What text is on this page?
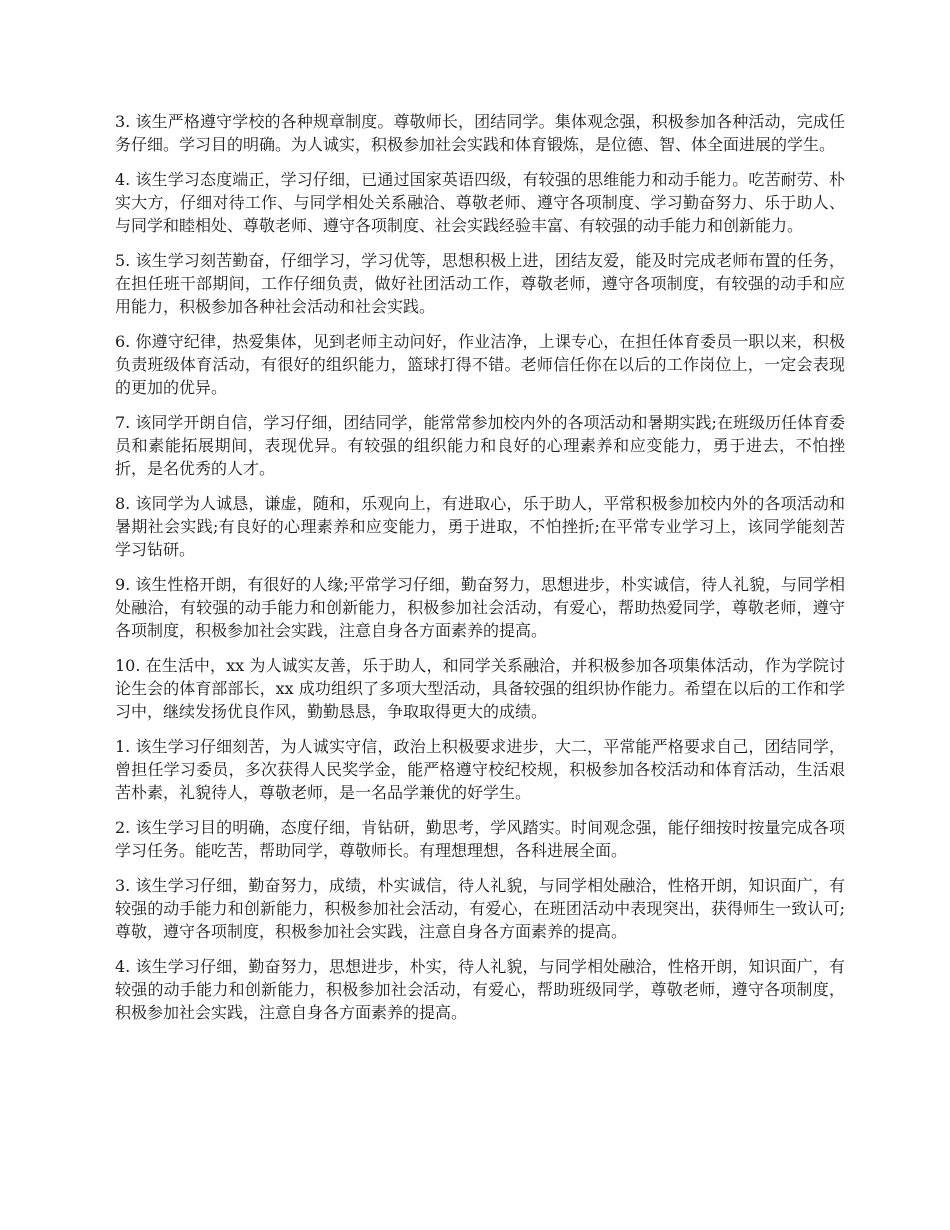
3. 该生严格遵守学校的各种规章制度。尊敬师长，团结同学。集体观念强，积极参加各种活动，完成任务仔细。学习目的明确。为人诚实，积极参加社会实践和体育锻炼，是位德、智、体全面进展的学生。

4. 该生学习态度端正，学习仔细，已通过国家英语四级，有较强的思维能力和动手能力。吃苦耐劳、朴实大方，仔细对待工作、与同学相处关系融洽、尊敬老师、遵守各项制度、学习勤奋努力、乐于助人、与同学和睦相处、尊敬老师、遵守各项制度、社会实践经验丰富、有较强的动手能力和创新能力。

5. 该生学习刻苦勤奋，仔细学习，学习优等，思想积极上进，团结友爱，能及时完成老师布置的任务，在担任班干部期间，工作仔细负责，做好社团活动工作，尊敬老师，遵守各项制度，有较强的动手和应用能力，积极参加各种社会活动和社会实践。

6. 你遵守纪律，热爱集体，见到老师主动问好，作业洁净，上课专心，在担任体育委员一职以来，积极负责班级体育活动，有很好的组织能力，篮球打得不错。老师信任你在以后的工作岗位上，一定会表现的更加的优异。

7. 该同学开朗自信，学习仔细，团结同学，能常常参加校内外的各项活动和暑期实践;在班级历任体育委员和素能拓展期间，表现优异。有较强的组织能力和良好的心理素养和应变能力，勇于进去，不怕挫折，是名优秀的人才。

8. 该同学为人诚恳，谦虚，随和，乐观向上，有进取心，乐于助人，平常积极参加校内外的各项活动和暑期社会实践;有良好的心理素养和应变能力，勇于进取，不怕挫折;在平常专业学习上，该同学能刻苦学习钻研。

9. 该生性格开朗，有很好的人缘;平常学习仔细，勤奋努力，思想进步，朴实诚信，待人礼貌，与同学相处融洽，有较强的动手能力和创新能力，积极参加社会活动，有爱心，帮助热爱同学，尊敬老师，遵守各项制度，积极参加社会实践，注意自身各方面素养的提高。

10. 在生活中，xx 为人诚实友善，乐于助人，和同学关系融洽，并积极参加各项集体活动，作为学院讨论生会的体育部部长，xx 成功组织了多项大型活动，具备较强的组织协作能力。希望在以后的工作和学习中，继续发扬优良作风，勤勤恳恳，争取取得更大的成绩。

1. 该生学习仔细刻苦，为人诚实守信，政治上积极要求进步，大二，平常能严格要求自己，团结同学，曾担任学习委员，多次获得人民奖学金，能严格遵守校纪校规，积极参加各校活动和体育活动，生活艰苦朴素，礼貌待人，尊敬老师，是一名品学兼优的好学生。

2. 该生学习目的明确，态度仔细，肯钻研，勤思考，学风踏实。时间观念强，能仔细按时按量完成各项学习任务。能吃苦，帮助同学，尊敬师长。有理想理想，各科进展全面。

3. 该生学习仔细，勤奋努力，成绩，朴实诚信，待人礼貌，与同学相处融洽，性格开朗，知识面广，有较强的动手能力和创新能力，积极参加社会活动，有爱心，在班团活动中表现突出，获得师生一致认可;尊敬，遵守各项制度，积极参加社会实践，注意自身各方面素养的提高。

4. 该生学习仔细，勤奋努力，思想进步，朴实，待人礼貌，与同学相处融洽，性格开朗，知识面广，有较强的动手能力和创新能力，积极参加社会活动，有爱心，帮助班级同学，尊敬老师，遵守各项制度，积极参加社会实践，注意自身各方面素养的提高。
